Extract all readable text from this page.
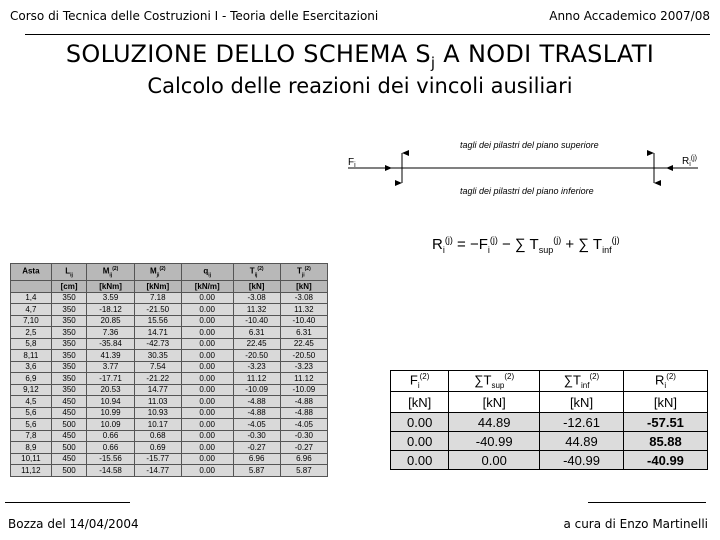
Corso di Tecnica delle Costruzioni I - Teoria delle Esercitazioni	Anno Accademico 2007/08
SOLUZIONE DELLO SCHEMA $S_j$ A NODI TRASLATI
Calcolo delle reazioni dei vincoli ausiliari
$F_i$	$R_i^{(j)}$
tagli dei pilastri del piano superiore
tagli dei pilastri del piano inferiore
$R_i^{(j)} = -F_i^{(j)}$ − ∑ $T_{sup}^{(j)}$ + ∑ $T_{inf}^{(j)}$
Asta	$L_{ij}$	$M_{ij}^{(2)}$	$M_{ji}^{(2)}$	$q_{ij}$	$T_{ij}^{(2)}$	$T_{ji}^{(2)}$
	[cm]	[kNm]	[kNm]	[kN/m]	[kN]	[kN]
1,4	350	3.59	7.18	0.00	-3.08	-3.08
4,7	350	-18.12	-21.50	0.00	11.32	11.32
7,10	350	20.85	15.56	0.00	-10.40	-10.40
2,5	350	7.36	14.71	0.00	6.31	6.31
5,8	350	-35.84	-42.73	0.00	22.45	22.45
8,11	350	41.39	30.35	0.00	-20.50	-20.50
3,6	350	3.77	7.54	0.00	-3.23	-3.23
6,9	350	-17.71	-21.22	0.00	11.12	11.12
9,12	350	20.53	14.77	0.00	-10.09	-10.09
4,5	450	10.94	11.03	0.00	-4.88	-4.88
5,6	450	10.99	10.93	0.00	-4.88	-4.88
5,6	500	10.09	10.17	0.00	-4.05	-4.05
7,8	450	0.66	0.68	0.00	-0.30	-0.30
8,9	500	0.66	0.69	0.00	-0.27	-0.27
10,11	450	-15.56	-15.77	0.00	6.96	6.96
11,12	500	-14.58	-14.77	0.00	5.87	5.87
$F_i^{(2)}$	$\sum T_{sup}^{(2)}$	$\sum T_{inf}^{(2)}$	$R_i^{(2)}$
[kN]	[kN]	[kN]	[kN]
0.00	44.89	-12.61	-57.51
0.00	-40.99	44.89	85.88
0.00	0.00	-40.99	-40.99
Bozza del 14/04/2004	a cura di Enzo Martinelli
